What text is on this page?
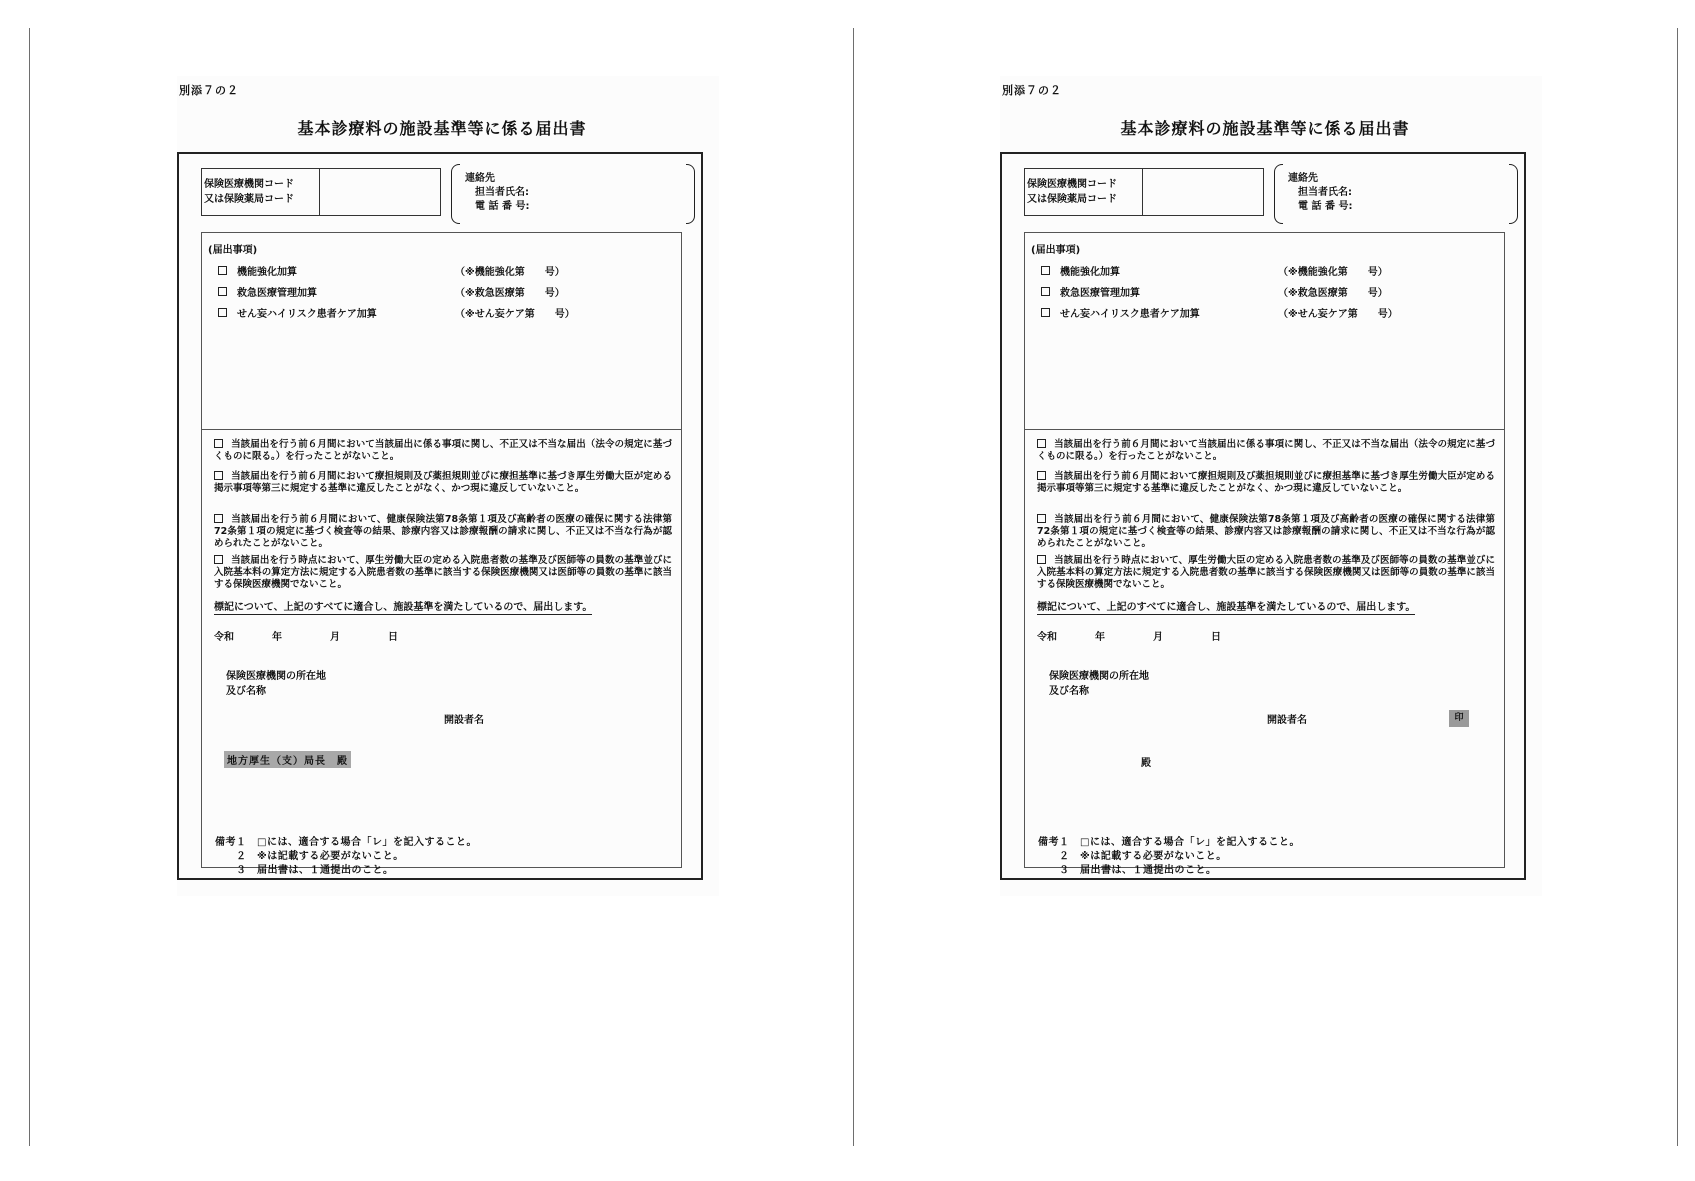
別添７の２
基本診療料の施設基準等に係る届出書
保険医療機関コード
又は保険薬局コード
連絡先
担当者氏名:
電 話 番 号:
(届出事項)
機能強化加算	（※機能強化第　　号）
救急医療管理加算	（※救急医療第　　号）
せん妄ハイリスク患者ケア加算	（※せん妄ケア第　　号）
当該届出を行う前６月間において当該届出に係る事項に関し、不正又は不当な届出（法令の規定に基づくものに限る。）を行ったことがないこと。
当該届出を行う前６月間において療担規則及び薬担規則並びに療担基準に基づき厚生労働大臣が定める掲示事項等第三に規定する基準に違反したことがなく、かつ現に違反していないこと。
当該届出を行う前６月間において、健康保険法第78条第１項及び高齢者の医療の確保に関する法律第72条第１項の規定に基づく検査等の結果、診療内容又は診療報酬の請求に関し、不正又は不当な行為が認められたことがないこと。
当該届出を行う時点において、厚生労働大臣の定める入院患者数の基準及び医師等の員数の基準並びに入院基本料の算定方法に規定する入院患者数の基準に該当する保険医療機関又は医師等の員数の基準に該当する保険医療機関でないこと。
標記について、上記のすべてに適合し、施設基準を満たしているので、届出します。
令和	年	月	日
保険医療機関の所在地
及び名称
開設者名
地方厚生（支）局長　殿
備考１　□には、適合する場合「レ」を記入すること。
　　２　※は記載する必要がないこと。
　　３　届出書は、１通提出のこと。
別添７の２
基本診療料の施設基準等に係る届出書
保険医療機関コード
又は保険薬局コード
連絡先
担当者氏名:
電 話 番 号:
(届出事項)
機能強化加算	（※機能強化第　　号）
救急医療管理加算	（※救急医療第　　号）
せん妄ハイリスク患者ケア加算	（※せん妄ケア第　　号）
当該届出を行う前６月間において当該届出に係る事項に関し、不正又は不当な届出（法令の規定に基づくものに限る。）を行ったことがないこと。
当該届出を行う前６月間において療担規則及び薬担規則並びに療担基準に基づき厚生労働大臣が定める掲示事項等第三に規定する基準に違反したことがなく、かつ現に違反していないこと。
当該届出を行う前６月間において、健康保険法第78条第１項及び高齢者の医療の確保に関する法律第72条第１項の規定に基づく検査等の結果、診療内容又は診療報酬の請求に関し、不正又は不当な行為が認められたことがないこと。
当該届出を行う時点において、厚生労働大臣の定める入院患者数の基準及び医師等の員数の基準並びに入院基本料の算定方法に規定する入院患者数の基準に該当する保険医療機関又は医師等の員数の基準に該当する保険医療機関でないこと。
標記について、上記のすべてに適合し、施設基準を満たしているので、届出します。
令和	年	月	日
保険医療機関の所在地
及び名称
開設者名	印
殿
備考１　□には、適合する場合「レ」を記入すること。
　　２　※は記載する必要がないこと。
　　３　届出書は、１通提出のこと。
